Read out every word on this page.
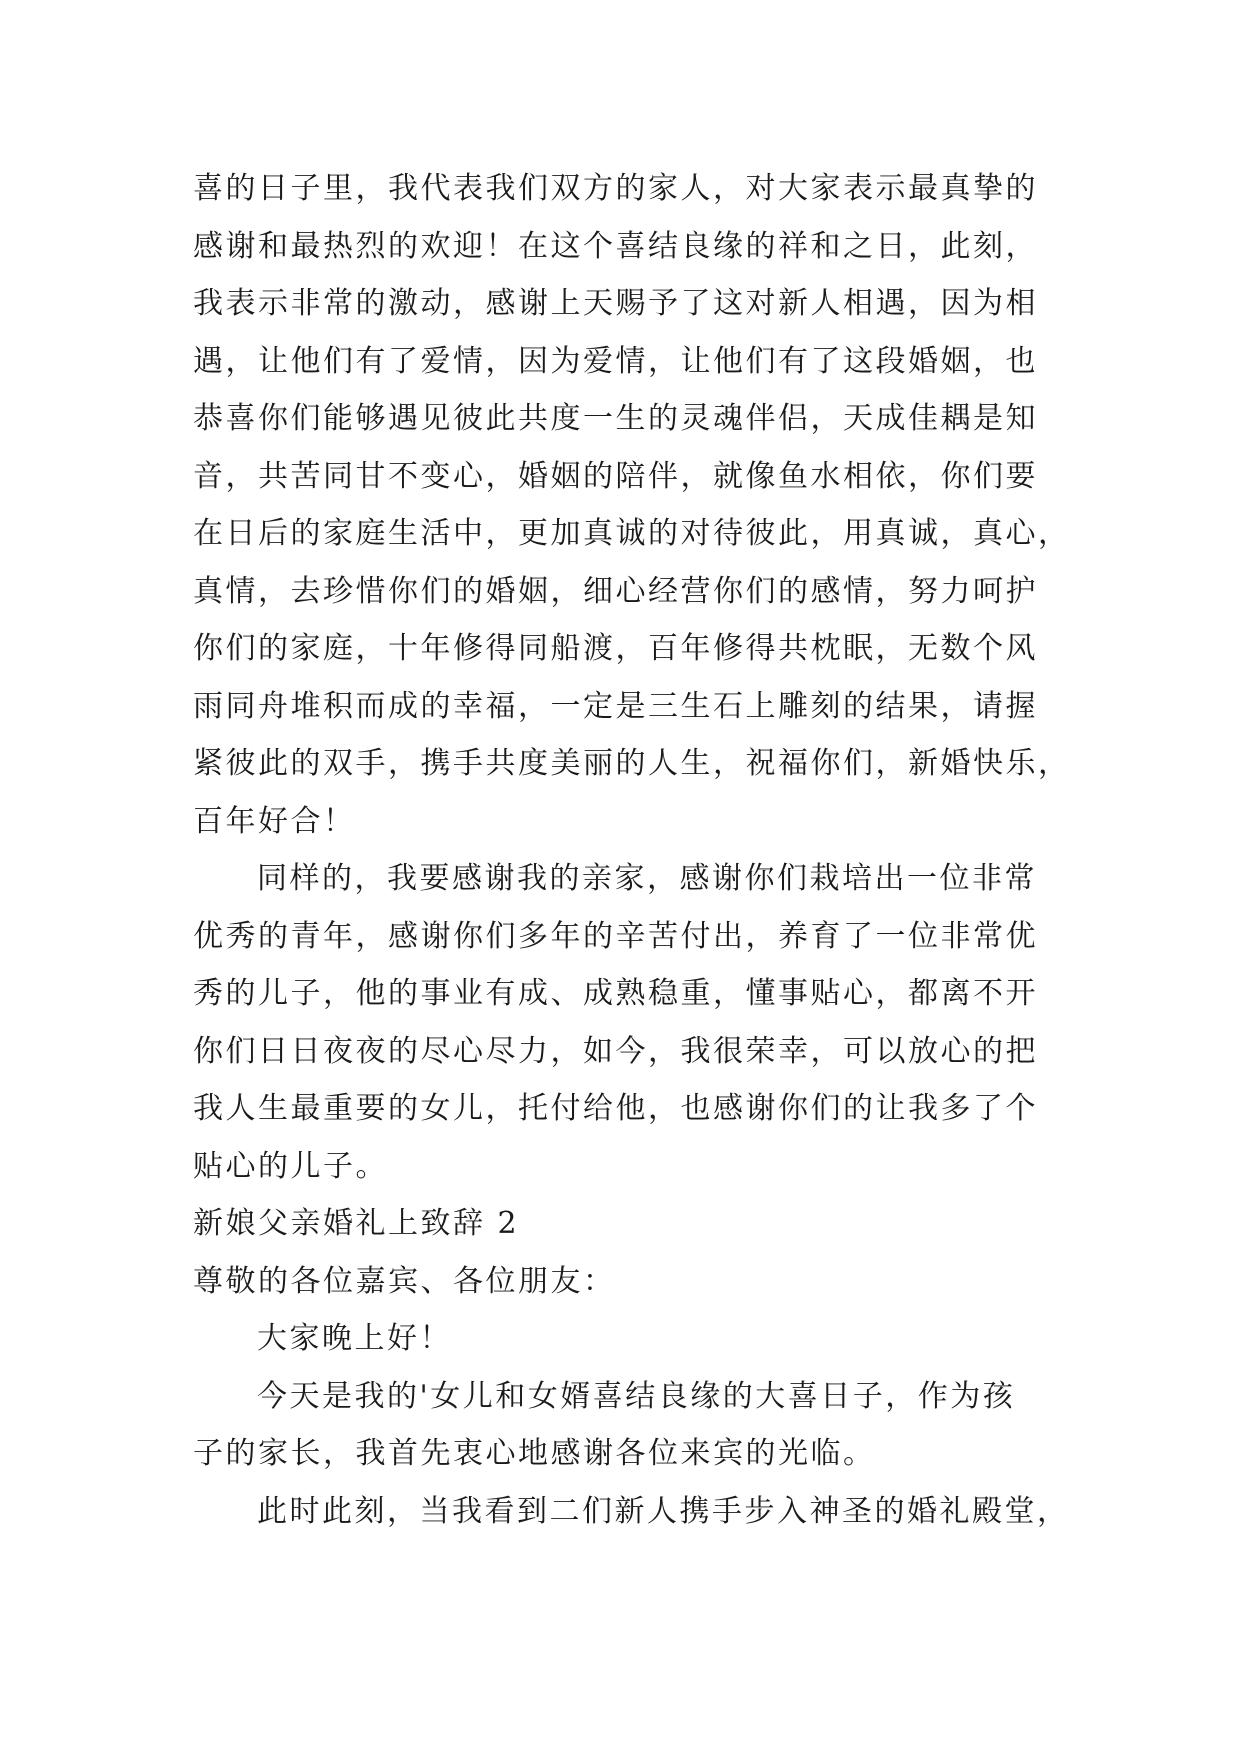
喜的日子里，我代表我们双方的家人，对大家表示最真挚的
感谢和最热烈的欢迎！在这个喜结良缘的祥和之日，此刻，
我表示非常的激动，感谢上天赐予了这对新人相遇，因为相
遇，让他们有了爱情，因为爱情，让他们有了这段婚姻，也
恭喜你们能够遇见彼此共度一生的灵魂伴侣，天成佳耦是知
音，共苦同甘不变心，婚姻的陪伴，就像鱼水相依，你们要
在日后的家庭生活中，更加真诚的对待彼此，用真诚，真心，
真情，去珍惜你们的婚姻，细心经营你们的感情，努力呵护
你们的家庭，十年修得同船渡，百年修得共枕眠，无数个风
雨同舟堆积而成的幸福，一定是三生石上雕刻的结果，请握
紧彼此的双手，携手共度美丽的人生，祝福你们，新婚快乐，
百年好合！
同样的，我要感谢我的亲家，感谢你们栽培出一位非常
优秀的青年，感谢你们多年的辛苦付出，养育了一位非常优
秀的儿子，他的事业有成、成熟稳重，懂事贴心，都离不开
你们日日夜夜的尽心尽力，如今，我很荣幸，可以放心的把
我人生最重要的女儿，托付给他，也感谢你们的让我多了个
贴心的儿子。
新娘父亲婚礼上致辞 2
尊敬的各位嘉宾、各位朋友：
大家晚上好！
今天是我的'女儿和女婿喜结良缘的大喜日子，作为孩
子的家长，我首先衷心地感谢各位来宾的光临。
此时此刻，当我看到二们新人携手步入神圣的婚礼殿堂，
